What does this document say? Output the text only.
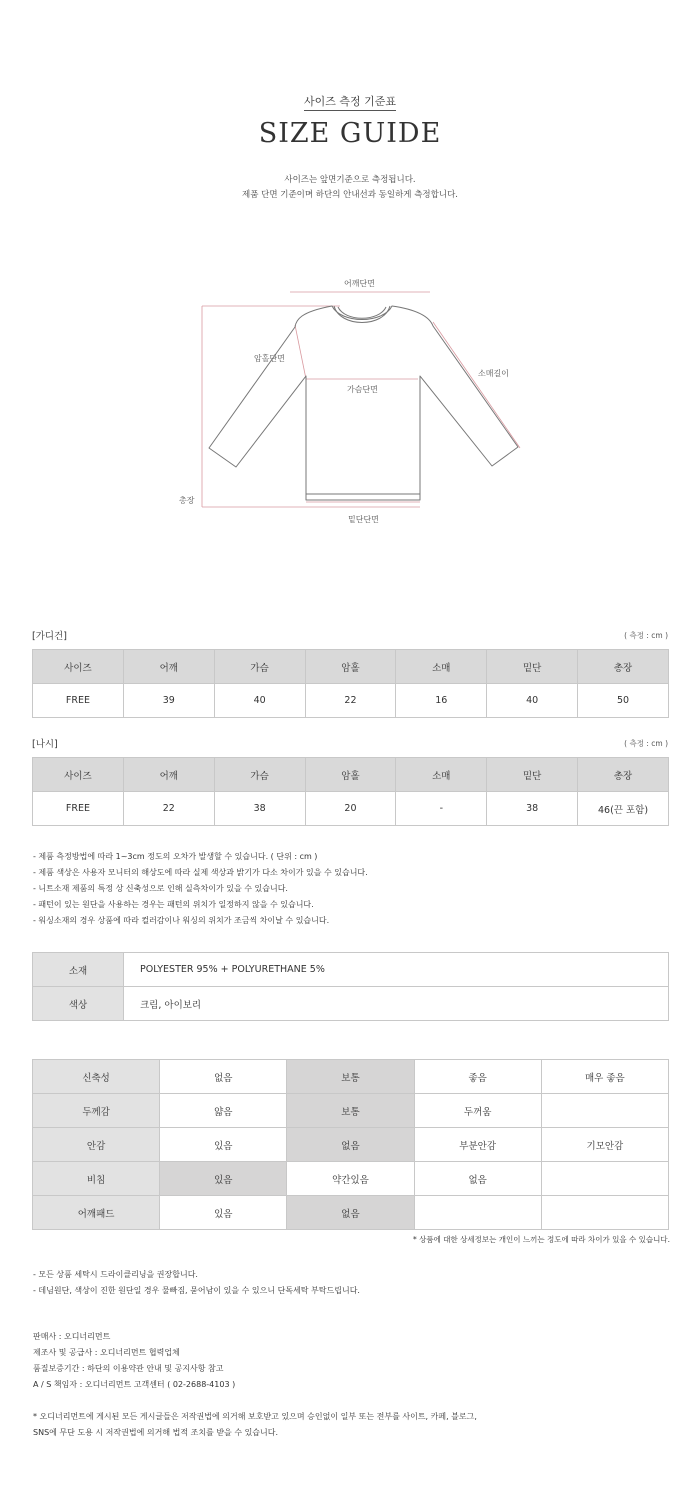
사이즈 측정 기준표
SIZE GUIDE
사이즈는 앞면기준으로 측정됩니다.
제품 단면 기준이며 하단의 안내선과 동일하게 측정합니다.
어깨단면
암홀단면
가슴단면
소매길이
총장
밑단단면
[가디건]	( 측정 : cm )
사이즈	어깨	가슴	암홀	소매	밑단	총장
FREE	39	40	22	16	40	50
[나시]	( 측정 : cm )
사이즈	어깨	가슴	암홀	소매	밑단	총장
FREE	22	38	20	-	38	46(끈 포함)
- 제품 측정방법에 따라 1~3cm 정도의 오차가 발생할 수 있습니다. ( 단위 : cm )
- 제품 색상은 사용자 모니터의 해상도에 따라 실제 색상과 밝기가 다소 차이가 있을 수 있습니다.
- 니트소재 제품의 특정 상 신축성으로 인해 실측차이가 있을 수 있습니다.
- 패턴이 있는 원단을 사용하는 경우는 패턴의 위치가 일정하지 않을 수 있습니다.
- 워싱소재의 경우 상품에 따라 컬러감이나 워싱의 위치가 조금씩 차이날 수 있습니다.
소재	POLYESTER 95% + POLYURETHANE 5%
색상	크림, 아이보리
신축성	없음	보통	좋음	매우 좋음
두께감	얇음	보통	두꺼움	
안감	있음	없음	부분안감	기모안감
비침	있음	약간있음	없음	
어깨패드	있음	없음		
* 상품에 대한 상세정보는 개인이 느끼는 정도에 따라 차이가 있을 수 있습니다.
- 모든 상품 세탁시 드라이클리닝을 권장합니다.
- 데님원단, 색상이 진한 원단일 경우 물빠짐, 묻어남이 있을 수 있으니 단독세탁 부탁드립니다.
판매사 : 오디너리먼트
제조사 및 공급사 : 오디너리먼트 협력업체
품질보증기간 : 하단의 이용약관 안내 및 공지사항 참고
A / S 책임자 : 오디너리먼트 고객센터 ( 02-2688-4103 )
* 오디너리먼트에 게시된 모든 게시글들은 저작권법에 의거해 보호받고 있으며 승인없이 일부 또는 전부를 사이트, 카페, 블로그,
SNS에 무단 도용 시 저작권법에 의거해 법적 조치를 받을 수 있습니다.
